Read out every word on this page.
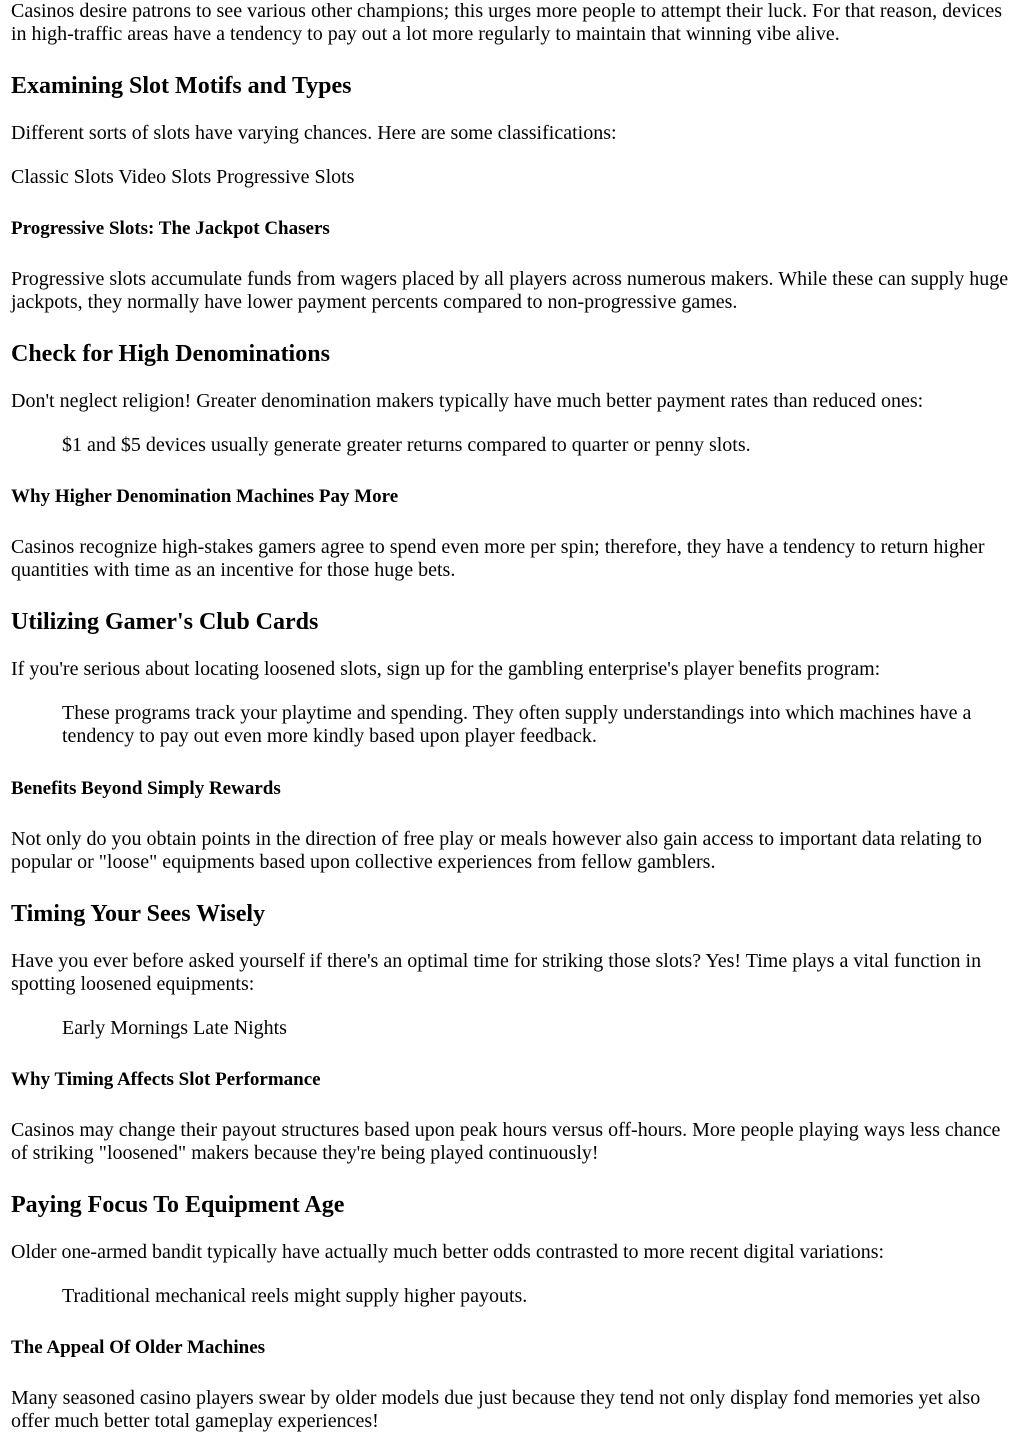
Casinos desire patrons to see various other champions; this urges more people to attempt their luck. For that reason, devices in high-traffic areas have a tendency to pay out a lot more regularly to maintain that winning vibe alive.

Examining Slot Motifs and Types

Different sorts of slots have varying chances. Here are some classifications:

Classic Slots Video Slots Progressive Slots

Progressive Slots: The Jackpot Chasers

Progressive slots accumulate funds from wagers placed by all players across numerous makers. While these can supply huge jackpots, they normally have lower payment percents compared to non-progressive games.

Check for High Denominations

Don't neglect religion! Greater denomination makers typically have much better payment rates than reduced ones:

$1 and $5 devices usually generate greater returns compared to quarter or penny slots.

Why Higher Denomination Machines Pay More

Casinos recognize high-stakes gamers agree to spend even more per spin; therefore, they have a tendency to return higher quantities with time as an incentive for those huge bets.

Utilizing Gamer's Club Cards

If you're serious about locating loosened slots, sign up for the gambling enterprise's player benefits program:

These programs track your playtime and spending. They often supply understandings into which machines have a tendency to pay out even more kindly based upon player feedback.

Benefits Beyond Simply Rewards

Not only do you obtain points in the direction of free play or meals however also gain access to important data relating to popular or "loose" equipments based upon collective experiences from fellow gamblers.

Timing Your Sees Wisely

Have you ever before asked yourself if there's an optimal time for striking those slots? Yes! Time plays a vital function in spotting loosened equipments:

Early Mornings Late Nights

Why Timing Affects Slot Performance

Casinos may change their payout structures based upon peak hours versus off-hours. More people playing ways less chance of striking "loosened" makers because they're being played continuously!

Paying Focus To Equipment Age

Older one-armed bandit typically have actually much better odds contrasted to more recent digital variations:

Traditional mechanical reels might supply higher payouts.

The Appeal Of Older Machines

Many seasoned casino players swear by older models due just because they tend not only display fond memories yet also offer much better total gameplay experiences!
